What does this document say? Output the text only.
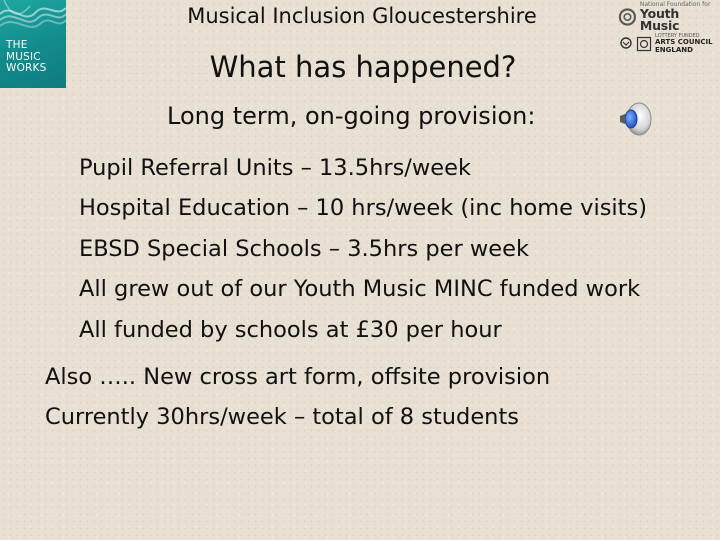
THE
MUSIC
WORKS
Musical Inclusion Gloucestershire	National Foundation for
Youth Music
LOTTERY FUNDED
ARTS COUNCIL
ENGLAND
What has happened?
Long term, on-going provision:
Pupil Referral Units – 13.5hrs/week
Hospital Education – 10 hrs/week (inc home visits)
EBSD Special Schools – 3.5hrs per week
All grew out of our Youth Music MINC funded work
All funded by schools at £30 per hour
Also ….. New cross art form, offsite provision
Currently 30hrs/week – total of 8 students
